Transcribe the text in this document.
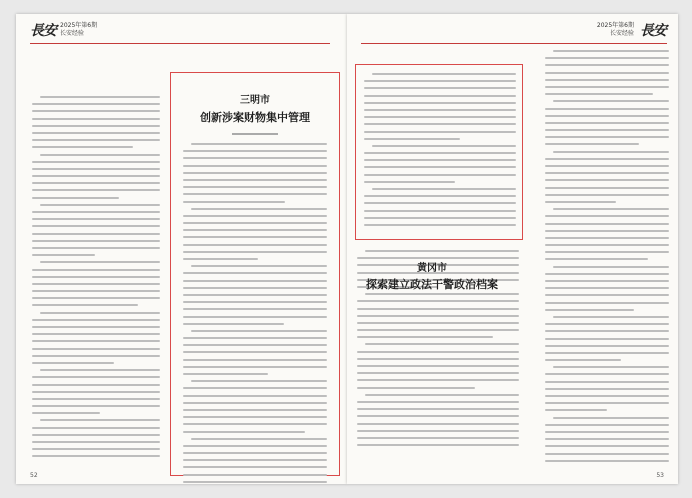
長安 2025年第6期
长安经验
三明市
创新涉案财物集中管理
52
2025年第6期
长安经验 長安
黄冈市
探索建立政法干警政治档案
53
